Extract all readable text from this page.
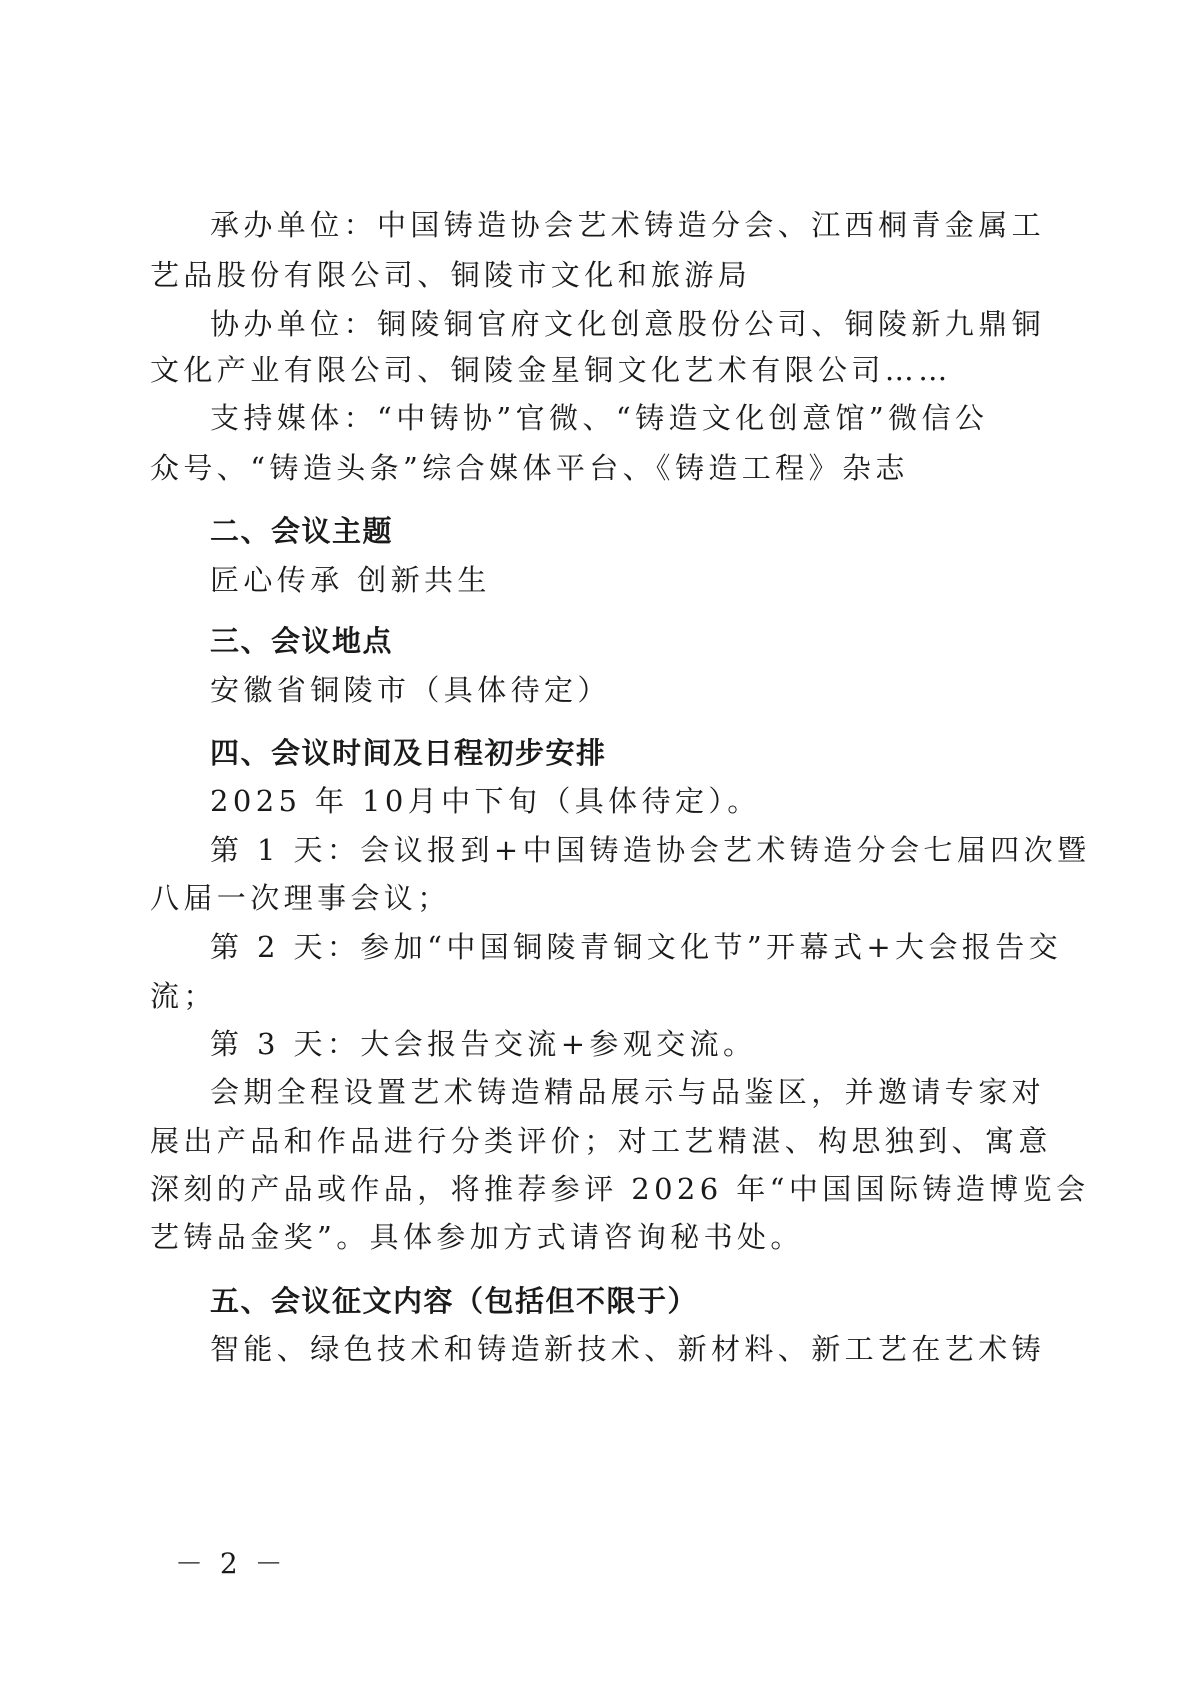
承办单位：中国铸造协会艺术铸造分会、江西桐青金属工
艺品股份有限公司、铜陵市文化和旅游局
协办单位：铜陵铜官府文化创意股份公司、铜陵新九鼎铜
文化产业有限公司、铜陵金星铜文化艺术有限公司……
支持媒体：“中铸协”官微、“铸造文化创意馆”微信公
众号、“铸造头条”综合媒体平台、《铸造工程》杂志
二、会议主题
匠心传承 创新共生
三、会议地点
安徽省铜陵市（具体待定）
四、会议时间及日程初步安排
2025 年 10月中下旬（具体待定）。
第 1 天：会议报到+中国铸造协会艺术铸造分会七届四次暨
八届一次理事会议；
第 2 天：参加“中国铜陵青铜文化节”开幕式+大会报告交
流；
第 3 天：大会报告交流+参观交流。
会期全程设置艺术铸造精品展示与品鉴区，并邀请专家对
展出产品和作品进行分类评价；对工艺精湛、构思独到、寓意
深刻的产品或作品，将推荐参评 2026 年“中国国际铸造博览会
艺铸品金奖”。具体参加方式请咨询秘书处。
五、会议征文内容（包括但不限于）
智能、绿色技术和铸造新技术、新材料、新工艺在艺术铸
－ 2 －
